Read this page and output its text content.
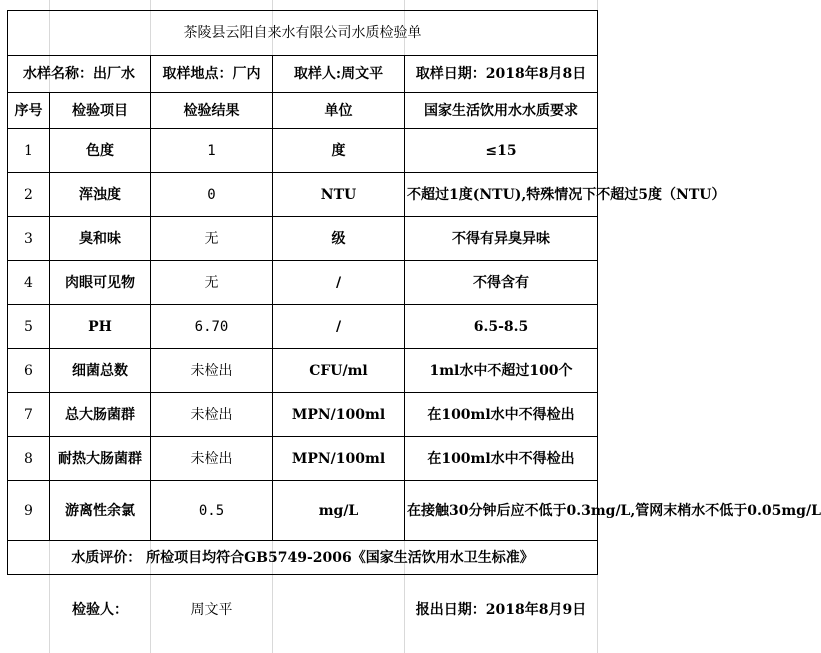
茶陵县云阳自来水有限公司水质检验单				
水样名称：出厂水		取样地点：厂内	取样人:周文平	取样日期：2018年8月8日
序号	检验项目	检验结果	单位	国家生活饮用水水质要求
1	色度	1	度	≤15
2	浑浊度	0	NTU	不超过1度(NTU),特殊情况下不超过5度（NTU）
3	臭和味	无	级	不得有异臭异味
4	肉眼可见物	无	/	不得含有
5	PH	6.70	/	6.5-8.5
6	细菌总数	未检出	CFU/ml	1ml水中不超过100个
7	总大肠菌群	未检出	MPN/100ml	在100ml水中不得检出
8	耐热大肠菌群	未检出	MPN/100ml	在100ml水中不得检出
9	游离性余氯	0.5	mg/L	在接触30分钟后应不低于0.3mg/L,管网末梢水不低于0.05mg/L
水质评价： 所检项目均符合GB5749-2006《国家生活饮用水卫生标准》				

	检验人：	周文平		报出日期：2018年8月9日
